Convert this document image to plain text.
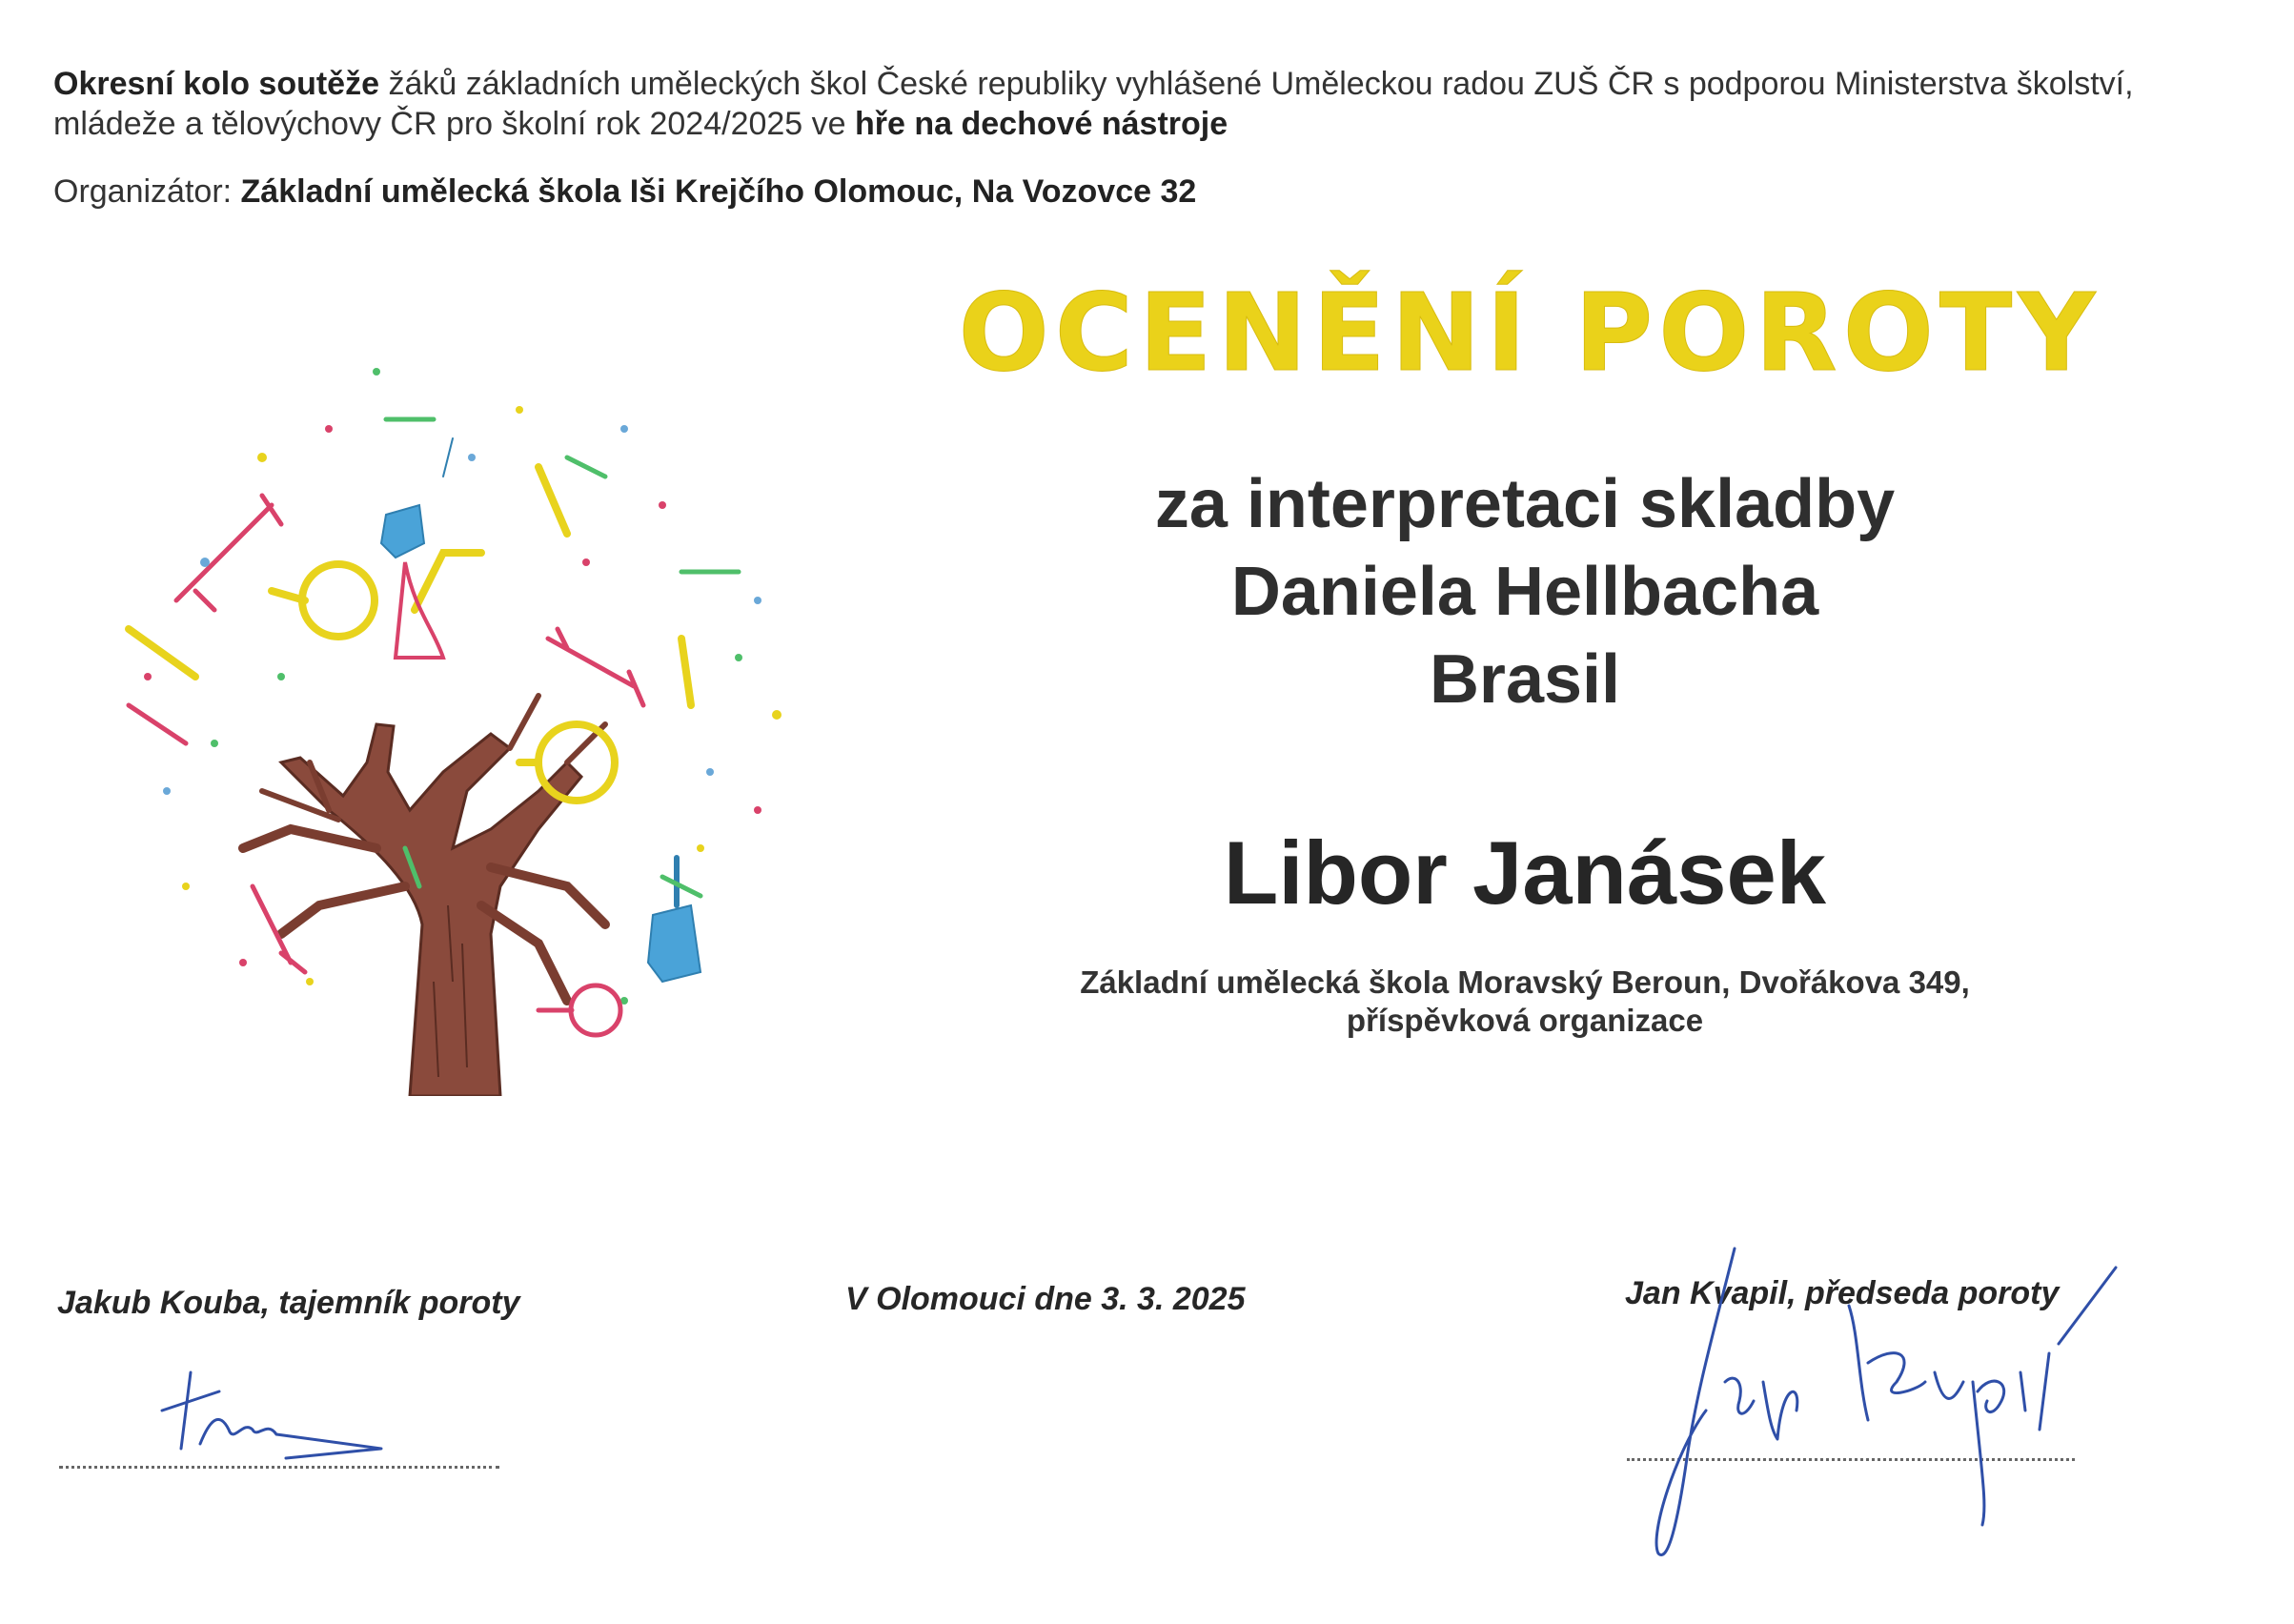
Okresní kolo soutěže žáků základních uměleckých škol České republiky vyhlášené Uměleckou radou ZUŠ ČR s podporou Ministerstva školství,
mládeže a tělovýchovy ČR pro školní rok 2024/2025 ve hře na dechové nástroje
Organizátor: Základní umělecká škola Iši Krejčího Olomouc, Na Vozovce 32
OCENĚNÍ POROTY
za interpretaci skladby
Daniela Hellbacha
Brasil
Libor Janásek
Základní umělecká škola Moravský Beroun, Dvořákova 349,
příspěvková organizace
Jakub Kouba, tajemník poroty	V Olomouci dne 3. 3. 2025	Jan Kvapil, předseda poroty
